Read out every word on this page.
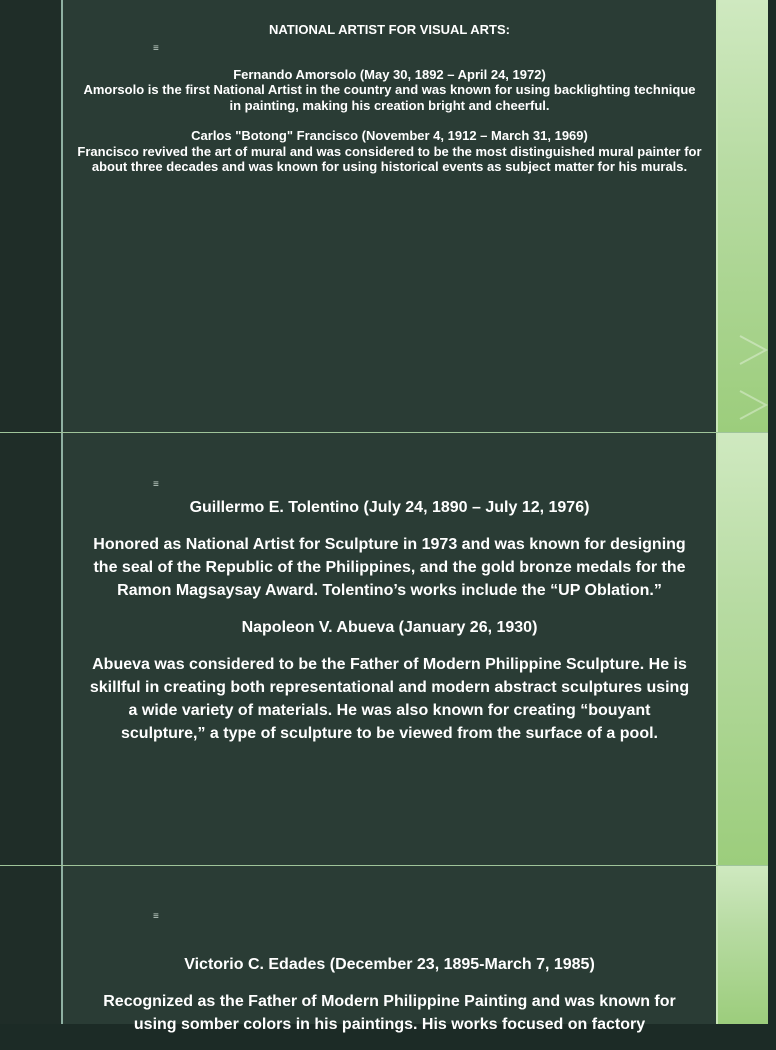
≡

NATIONAL ARTIST FOR VISUAL ARTS:

Fernando Amorsolo (May 30, 1892 – April 24, 1972)

Amorsolo is the first National Artist in the country and was known for using backlighting technique in painting, making his creation bright and cheerful.

Carlos "Botong" Francisco (November 4, 1912 – March 31, 1969)

Francisco revived the art of mural and was considered to be the most distinguished mural painter for about three decades and was known for using historical events as subject matter for his murals.

≡

Guillermo E. Tolentino (July 24, 1890 – July 12, 1976)

Honored as National Artist for Sculpture in 1973 and was known for designing the seal of the Republic of the Philippines, and the gold bronze medals for the Ramon Magsaysay Award. Tolentino’s works include the “UP Oblation.”

Napoleon V. Abueva (January 26, 1930)

Abueva was considered to be the Father of Modern Philippine Sculpture. He is skillful in creating both representational and modern abstract sculptures using a wide variety of materials. He was also known for creating “bouyant sculpture,” a type of sculpture to be viewed from the surface of a pool.

≡

Victorio C. Edades (December 23, 1895-March 7, 1985)

Recognized as the Father of Modern Philippine Painting and was known for using somber colors in his paintings. His works focused on factory
